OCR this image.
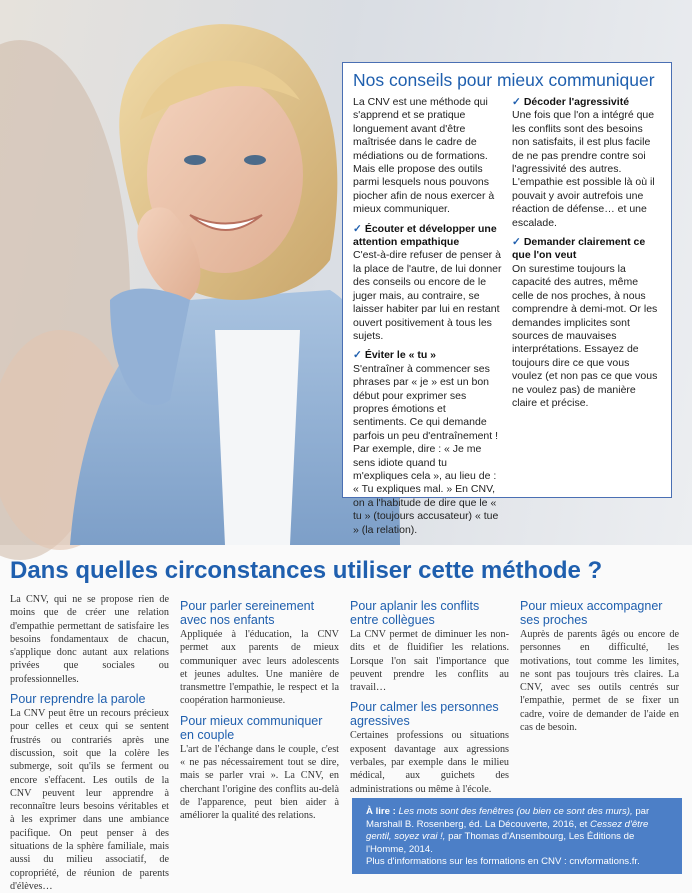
Nos conseils pour mieux communiquer

La CNV est une méthode qui s'apprend et se pratique longuement avant d'être maîtrisée dans le cadre de médiations ou de formations. Mais elle propose des outils parmi lesquels nous pouvons piocher afin de nous exercer à mieux communiquer.

✓ Écouter et développer une attention empathique
C'est-à-dire refuser de penser à la place de l'autre, de lui donner des conseils ou encore de le juger mais, au contraire, se laisser habiter par lui en restant ouvert positivement à tous les sujets.

✓ Éviter le « tu »
S'entraîner à commencer ses phrases par « je » est un bon début pour exprimer ses propres émotions et sentiments. Ce qui demande parfois un peu d'entraînement ! Par exemple, dire : « Je me sens idiote quand tu m'expliques cela », au lieu de : « Tu expliques mal. » En CNV, on a l'habitude de dire que le « tu » (toujours accusateur) « tue » (la relation).

✓ Décoder l'agressivité
Une fois que l'on a intégré que les conflits sont des besoins non satisfaits, il est plus facile de ne pas prendre contre soi l'agressivité des autres. L'empathie est possible là où il pouvait y avoir autrefois une réaction de défense… et une escalade.

✓ Demander clairement ce que l'on veut
On surestime toujours la capacité des autres, même celle de nos proches, à nous comprendre à demi-mot. Or les demandes implicites sont sources de mauvaises interprétations. Essayez de toujours dire ce que vous voulez (et non pas ce que vous ne voulez pas) de manière claire et précise.

Dans quelles circonstances utiliser cette méthode ?

La CNV, qui ne se propose rien de moins que de créer une relation d'empathie permettant de satisfaire les besoins fondamentaux de chacun, s'applique donc autant aux relations privées que sociales ou professionnelles.

Pour reprendre la parole

La CNV peut être un recours précieux pour celles et ceux qui se sentent frustrés ou contrariés après une discussion, soit que la colère les submerge, soit qu'ils se ferment ou encore s'effacent. Les outils de la CNV peuvent leur apprendre à reconnaître leurs besoins véritables et à les exprimer dans une ambiance pacifique. On peut penser à des situations de la sphère familiale, mais aussi du milieu associatif, de copropriété, de réunion de parents d'élèves…

Pour parler sereinement avec nos enfants

Appliquée à l'éducation, la CNV permet aux parents de mieux communiquer avec leurs adolescents et jeunes adultes. Une manière de transmettre l'empathie, le respect et la coopération harmonieuse.

Pour mieux communiquer en couple

L'art de l'échange dans le couple, c'est « ne pas nécessairement tout se dire, mais se parler vrai ». La CNV, en cherchant l'origine des conflits au-delà de l'apparence, peut bien aider à améliorer la qualité des relations.

Pour aplanir les conflits entre collègues

La CNV permet de diminuer les non-dits et de fluidifier les relations. Lorsque l'on sait l'importance que peuvent prendre les conflits au travail…

Pour calmer les personnes agressives

Certaines professions ou situations exposent davantage aux agressions verbales, par exemple dans le milieu médical, aux guichets des administrations ou même à l'école.

Pour mieux accompagner ses proches

Auprès de parents âgés ou encore de personnes en difficulté, les motivations, tout comme les limites, ne sont pas toujours très claires. La CNV, avec ses outils centrés sur l'empathie, permet de se fixer un cadre, voire de demander de l'aide en cas de besoin.

À lire : Les mots sont des fenêtres (ou bien ce sont des murs), par Marshall B. Rosenberg, éd. La Découverte, 2016, et Cessez d'être gentil, soyez vrai !, par Thomas d'Ansembourg, Les Éditions de l'Homme, 2014.
Plus d'informations sur les formations en CNV : cnvformations.fr.
